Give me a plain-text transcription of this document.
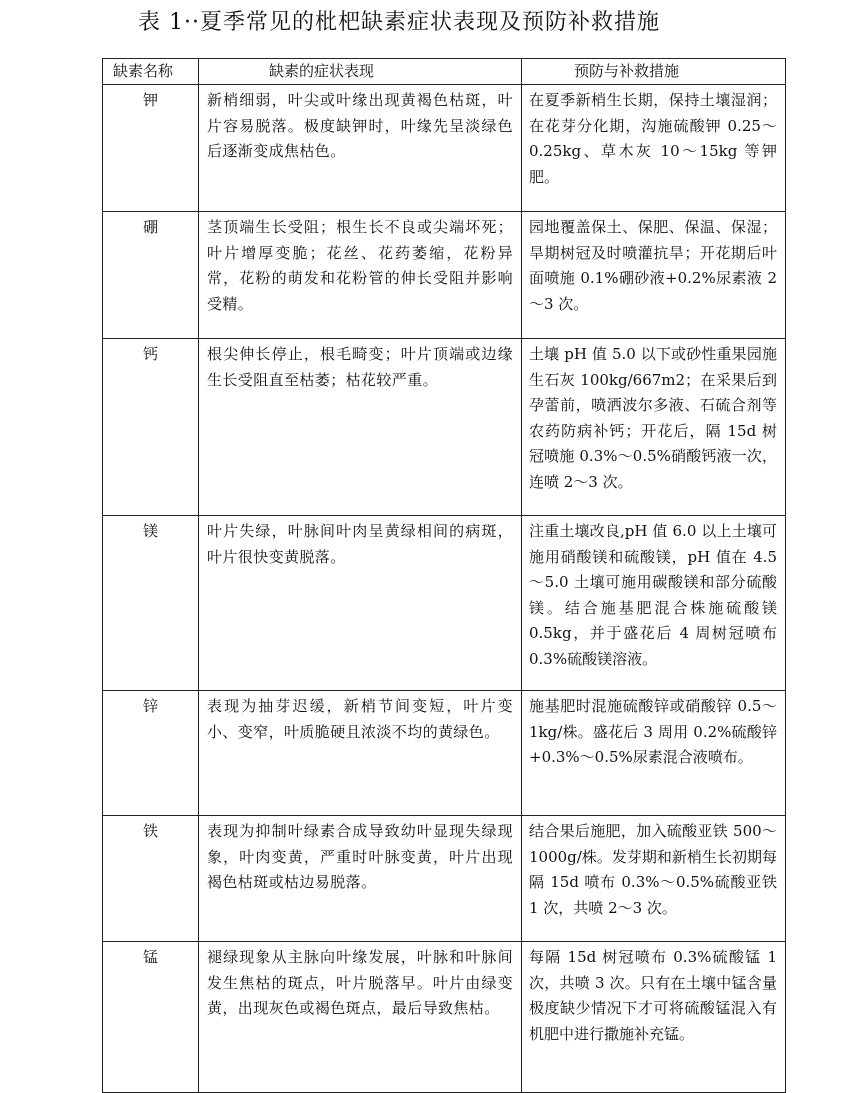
表 1··夏季常见的枇杷缺素症状表现及预防补救措施
缺素名称	缺素的症状表现	预防与补救措施
钾	新梢细弱，叶尖或叶缘出现黄褐色枯斑，叶片容易脱落。极度缺钾时，叶缘先呈淡绿色后逐渐变成焦枯色。	在夏季新梢生长期，保持土壤湿润；在花芽分化期，沟施硫酸钾 0.25～0.25kg、草木灰 10～15kg 等钾肥。
硼	茎顶端生长受阻；根生长不良或尖端坏死；叶片增厚变脆；花丝、花药萎缩，花粉异常，花粉的萌发和花粉管的伸长受阻并影响受精。	园地覆盖保土、保肥、保温、保湿；旱期树冠及时喷灌抗旱；开花期后叶面喷施 0.1%硼砂液+0.2%尿素液 2～3 次。
钙	根尖伸长停止，根毛畸变；叶片顶端或边缘生长受阻直至枯萎；枯花较严重。	土壤 pH 值 5.0 以下或砂性重果园施生石灰 100kg/667m2；在采果后到孕蕾前，喷洒波尔多液、石硫合剂等农药防病补钙；开花后，隔 15d 树冠喷施 0.3%～0.5%硝酸钙液一次，连喷 2～3 次。
镁	叶片失绿，叶脉间叶肉呈黄绿相间的病斑，叶片很快变黄脱落。	注重土壤改良,pH 值 6.0 以上土壤可施用硝酸镁和硫酸镁，pH 值在 4.5～5.0 土壤可施用碳酸镁和部分硫酸镁。结合施基肥混合株施硫酸镁 0.5kg，并于盛花后 4 周树冠喷布 0.3%硫酸镁溶液。
锌	表现为抽芽迟缓，新梢节间变短，叶片变小、变窄，叶质脆硬且浓淡不均的黄绿色。	施基肥时混施硫酸锌或硝酸锌 0.5～1kg/株。盛花后 3 周用 0.2%硫酸锌+0.3%～0.5%尿素混合液喷布。
铁	表现为抑制叶绿素合成导致幼叶显现失绿现象，叶肉变黄，严重时叶脉变黄，叶片出现褐色枯斑或枯边易脱落。	结合果后施肥，加入硫酸亚铁 500～1000g/株。发芽期和新梢生长初期每隔 15d 喷布 0.3%～0.5%硫酸亚铁 1 次，共喷 2～3 次。
锰	褪绿现象从主脉向叶缘发展，叶脉和叶脉间发生焦枯的斑点，叶片脱落早。叶片由绿变黄，出现灰色或褐色斑点，最后导致焦枯。	每隔 15d 树冠喷布 0.3%硫酸锰 1 次，共喷 3 次。只有在土壤中锰含量极度缺少情况下才可将硫酸锰混入有机肥中进行撒施补充锰。
